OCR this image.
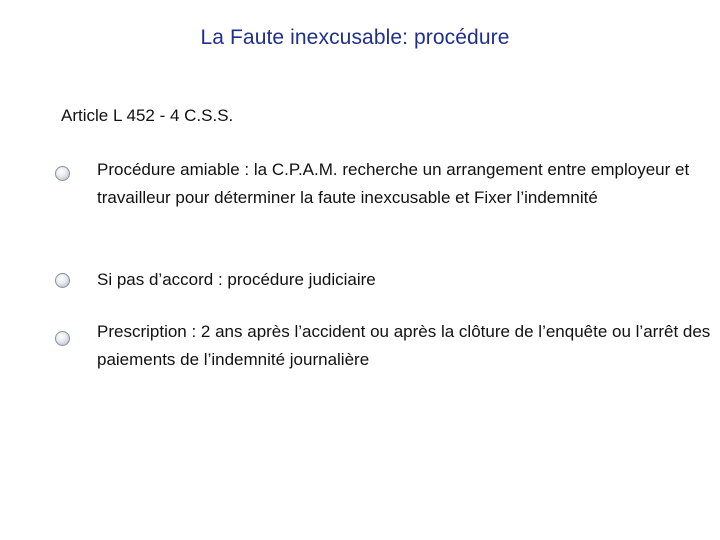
La Faute inexcusable: procédure
Article L 452 - 4 C.S.S.
Procédure amiable : la C.P.A.M. recherche un arrangement entre employeur et travailleur pour déterminer la faute inexcusable et Fixer l’indemnité
Si pas d’accord : procédure judiciaire
Prescription : 2 ans après l’accident ou après la clôture de l’enquête ou l’arrêt des paiements de l’indemnité journalière
